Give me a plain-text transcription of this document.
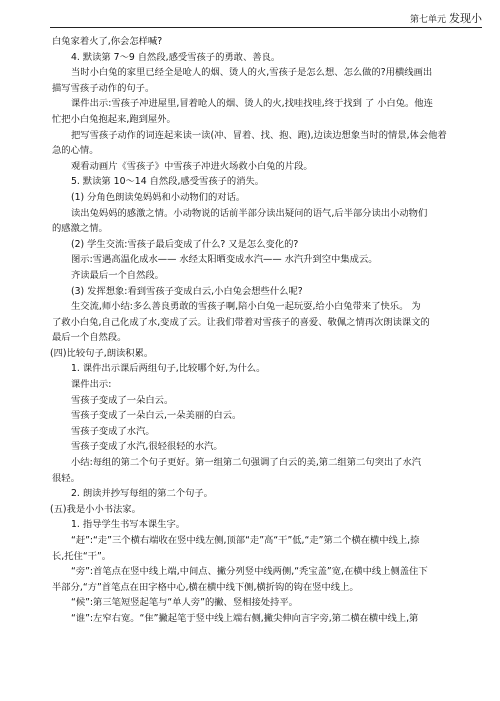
第七单元 发现小
白兔家着火了,你会怎样喊?
4. 默读第 7～9 自然段,感受雪孩子的勇敢、善良。
当时小白兔的家里已经全是呛人的烟、烫人的火,雪孩子是怎么想、怎么做的?用横线画出
描写雪孩子动作的句子。
课件出示:雪孩子冲进屋里,冒着呛人的烟、烫人的火,找哇找哇,终于找到 了 小白兔。他连
忙把小白兔抱起来,跑到屋外。
把写雪孩子动作的词连起来读一读(冲、冒着、找、抱、跑),边读边想象当时的情景,体会他着
急的心情。
观看动画片《雪孩子》中雪孩子冲进火场救小白兔的片段。
5. 默读第 10～14 自然段,感受雪孩子的消失。
(1) 分角色朗读兔妈妈和小动物们的对话。
读出兔妈妈的感激之情。小动物说的话前半部分读出疑问的语气,后半部分读出小动物们
的感激之情。
(2) 学生交流:雪孩子最后变成了什么? 又是怎么变化的?
图示:雪遇高温化成水—— 水经太阳晒变成水汽—— 水汽升到空中集成云。
齐读最后一个自然段。
(3) 发挥想象:看到雪孩子变成白云,小白兔会想些什么呢?
生交流,师小结:多么善良勇敢的雪孩子啊,陪小白兔一起玩耍,给小白兔带来了快乐。 为
了救小白兔,自己化成了水,变成了云。让我们带着对雪孩子的喜爱、敬佩之情再次朗读课文的
最后一个自然段。
(四)比较句子,朗读积累。
1. 课件出示课后两组句子,比较哪个好,为什么。
课件出示:
雪孩子变成了一朵白云。
雪孩子变成了一朵白云,一朵美丽的白云。
雪孩子变成了水汽。
雪孩子变成了水汽,很轻很轻的水汽。
小结:每组的第二个句子更好。第一组第二句强调了白云的美,第二组第二句突出了水汽
很轻。
2. 朗读并抄写每组的第二个句子。
(五)我是小小书法家。
1. 指导学生书写本课生字。
“赶”:“走”三个横右端收在竖中线左侧,顶部“走”高“干”低,“走”第二个横在横中线上,捺
长,托住“干”。
“旁”:首笔点在竖中线上端,中间点、撇分列竖中线两侧,“秃宝盖”宽,在横中线上侧盖住下
半部分,“方”首笔点在田字格中心,横在横中线下侧,横折钩的钩在竖中线上。
“候”:第三笔短竖起笔与“单人旁”的撇、竖相接处持平。
“谁”:左窄右宽。“隹”撇起笔于竖中线上端右侧,撇尖伸向言字旁,第二横在横中线上,第
